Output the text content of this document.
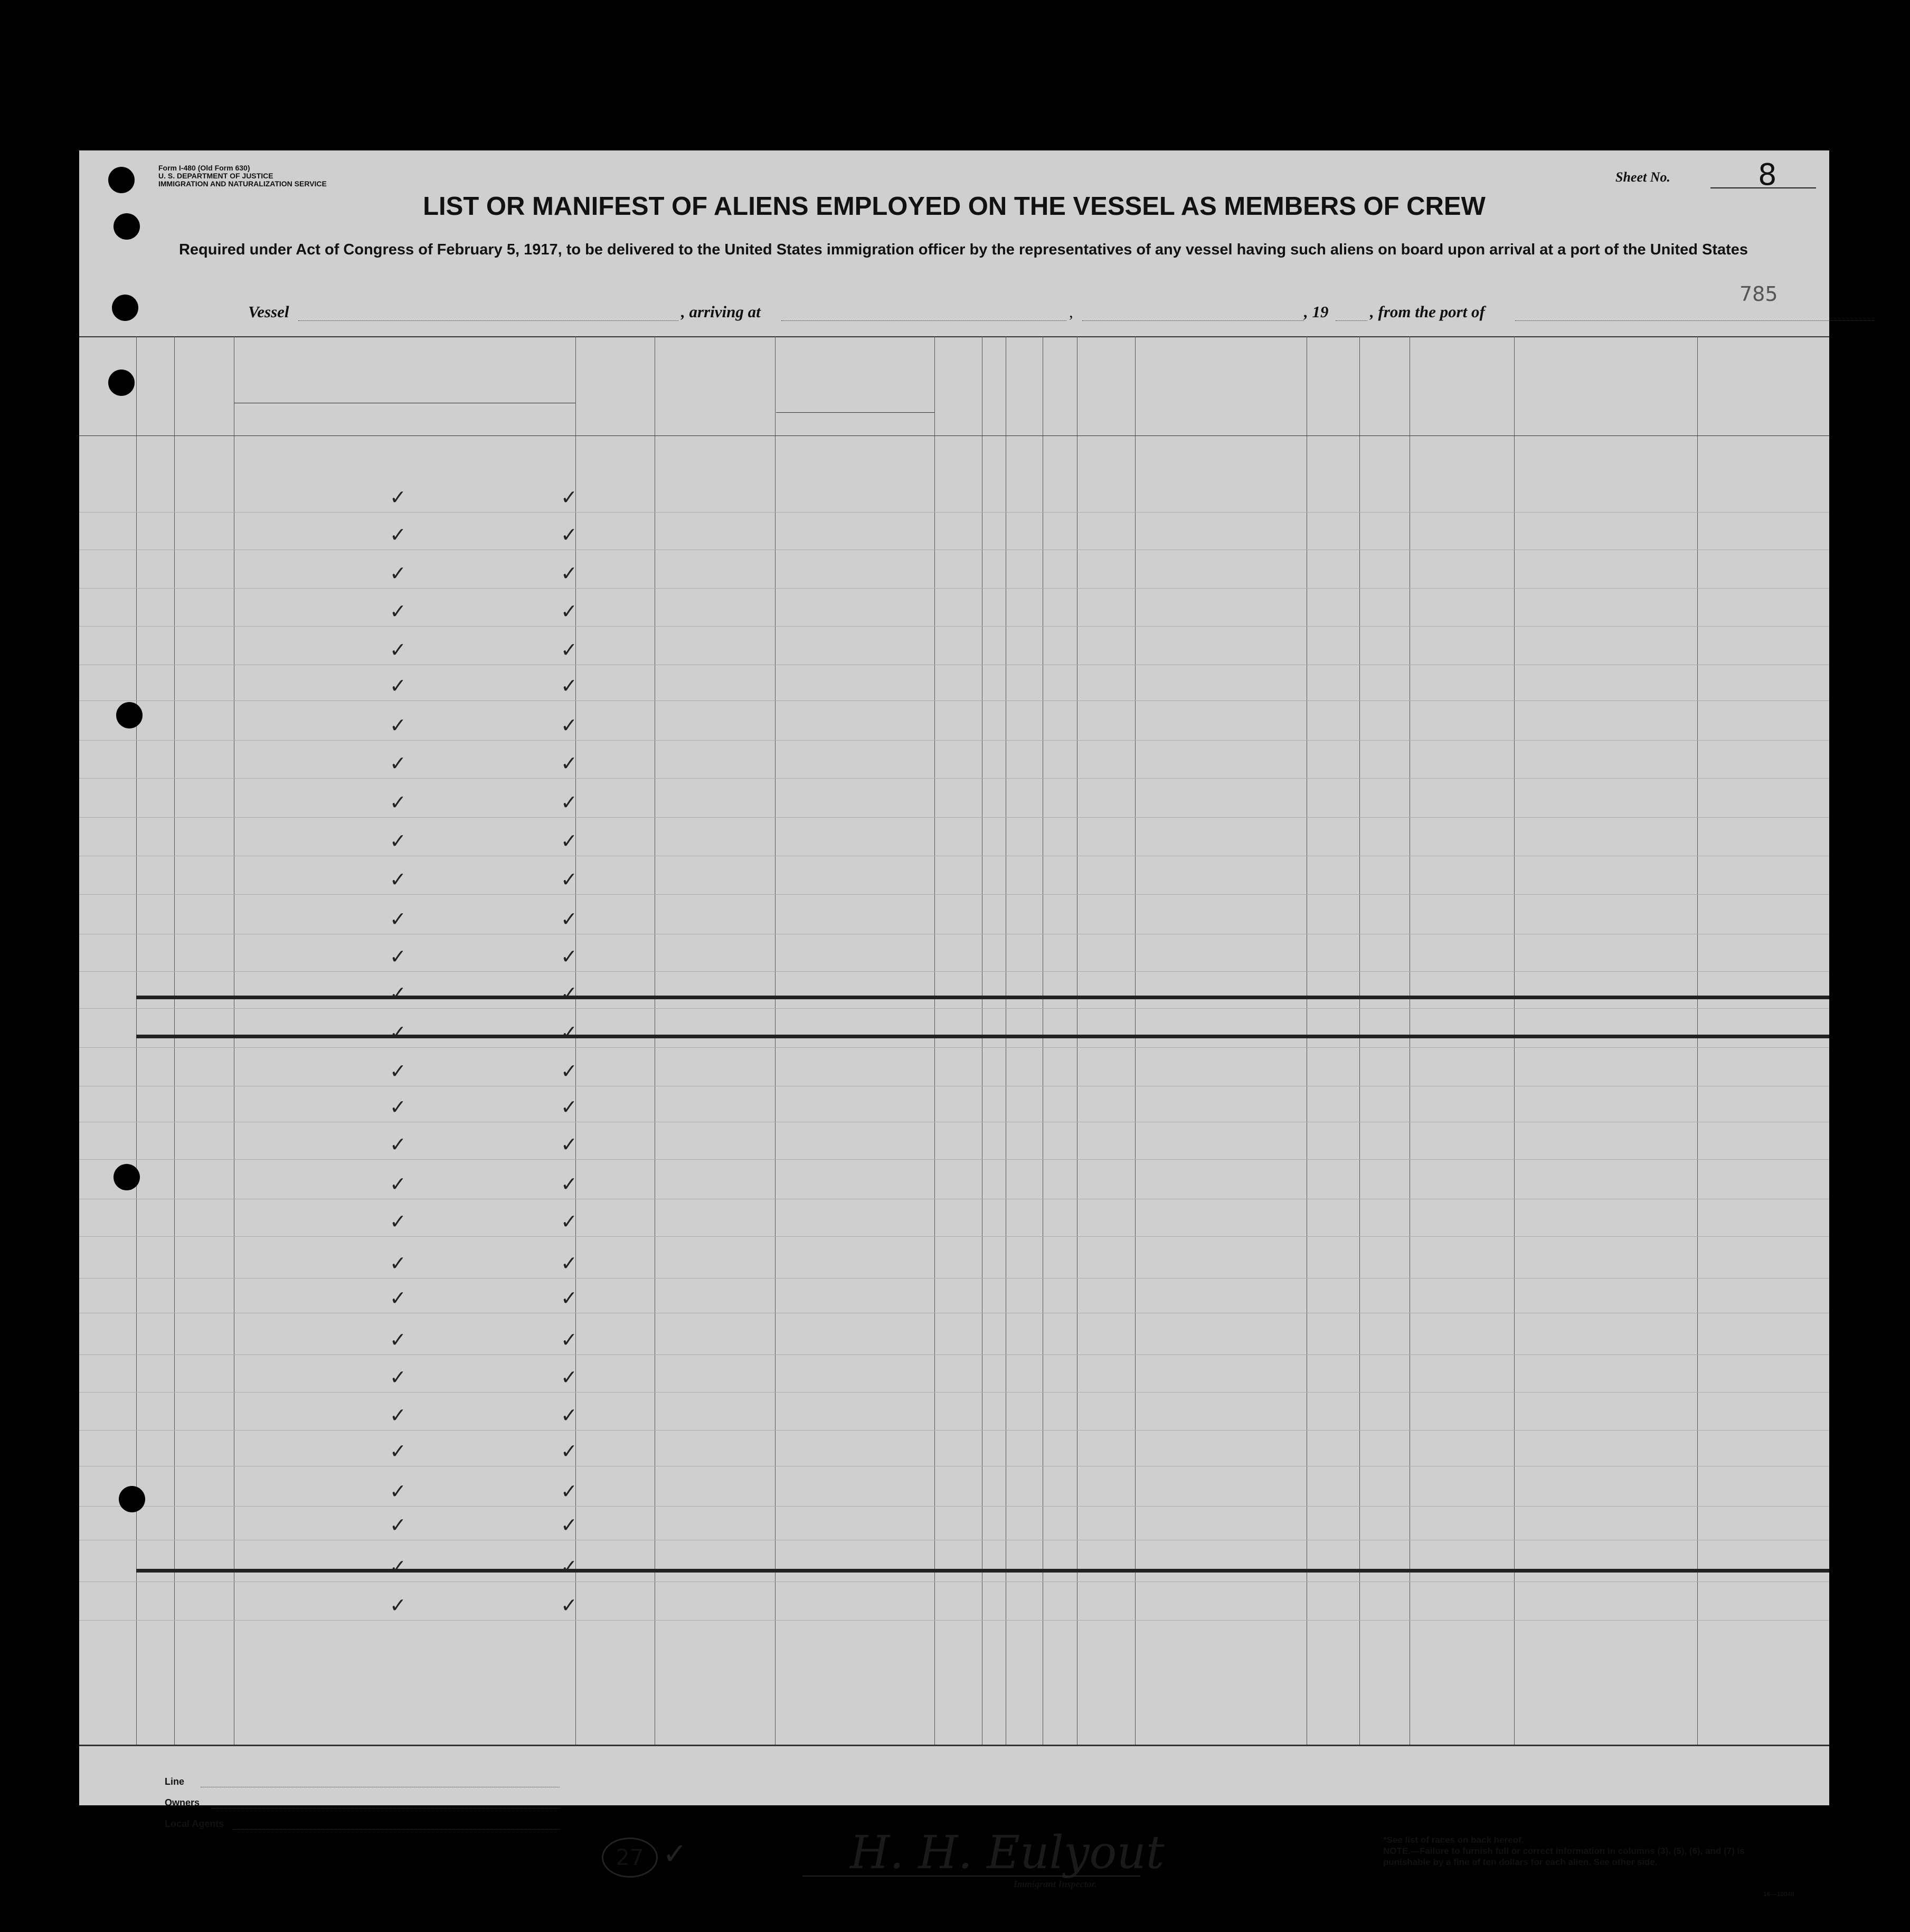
Form I-480 (Old Form 630)
U. S. DEPARTMENT OF JUSTICE
IMMIGRATION AND NATURALIZATION SERVICE	Sheet No.	8
LIST OR MANIFEST OF ALIENS EMPLOYED ON THE VESSEL AS MEMBERS OF CREW
Required under Act of Congress of February 5, 1917, to be delivered to the United States immigration officer by the representatives of any vessel having such aliens on board upon arrival at a port of the United States
Vessel	, arriving at	,	, 19	, from the port of
785
✓	✓
✓	✓
✓	✓
✓	✓
✓	✓
✓	✓
✓	✓
✓	✓
✓	✓
✓	✓
✓	✓
✓	✓
✓	✓
✓	✓
✓	✓
✓	✓
✓	✓
✓	✓
✓	✓
✓	✓
✓	✓
✓	✓
✓	✓
✓	✓
✓	✓
✓	✓
✓	✓
✓	✓
✓	✓
✓	✓
Line
Owners
Local Agents
27 ✓	H. H. Eulyout
Immigrant Inspector.
*See list of races on back hereof.
NOTE.—Failure to furnish full or correct information in columns (3), (5), (6), and (7) is punishable by a fine of ten dollars for each alien. See other side.
16—18049
